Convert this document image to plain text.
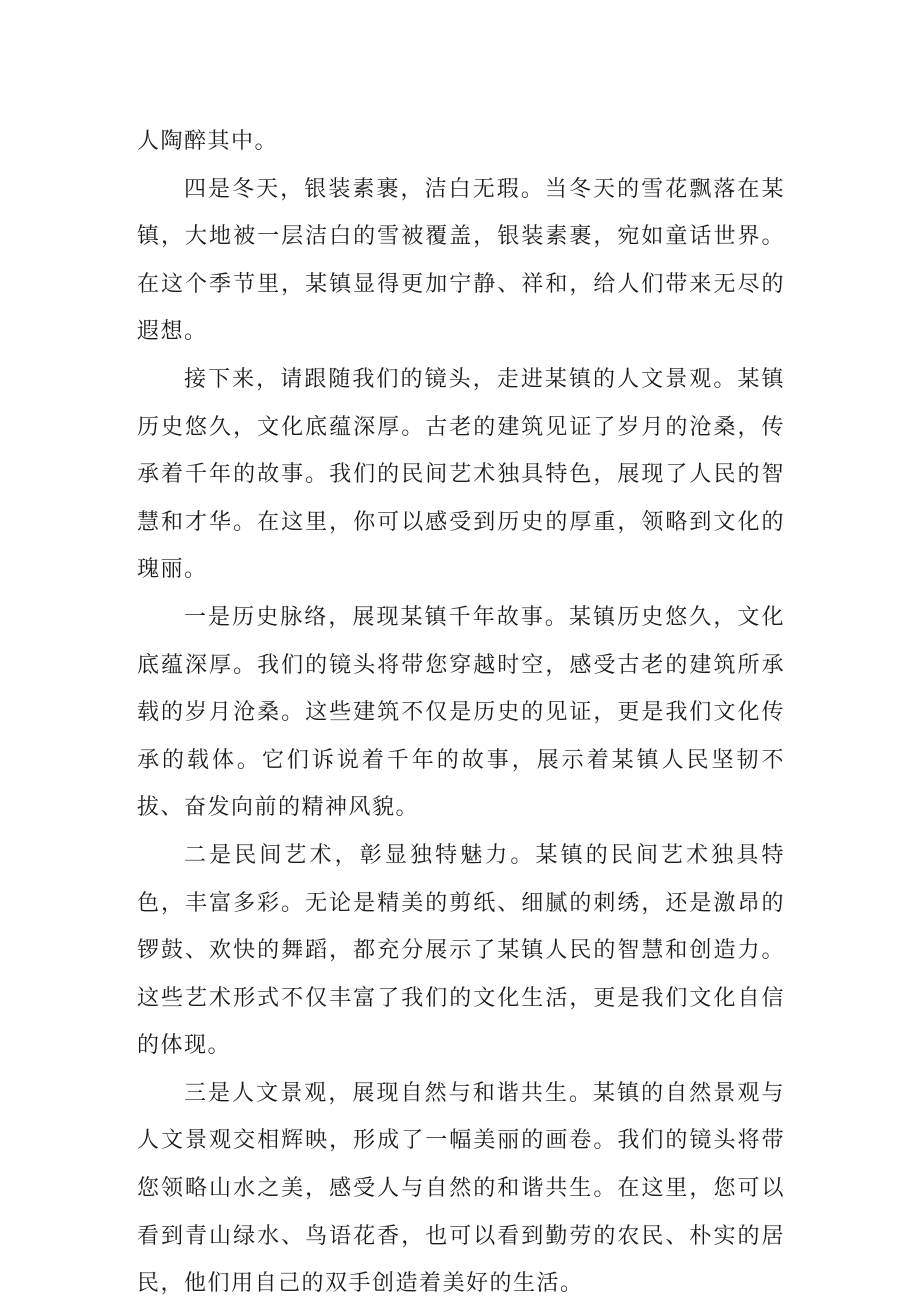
人陶醉其中。

四是冬天，银装素裹，洁白无瑕。当冬天的雪花飘落在某镇，大地被一层洁白的雪被覆盖，银装素裹，宛如童话世界。在这个季节里，某镇显得更加宁静、祥和，给人们带来无尽的遐想。

接下来，请跟随我们的镜头，走进某镇的人文景观。某镇历史悠久，文化底蕴深厚。古老的建筑见证了岁月的沧桑，传承着千年的故事。我们的民间艺术独具特色，展现了人民的智慧和才华。在这里，你可以感受到历史的厚重，领略到文化的瑰丽。

一是历史脉络，展现某镇千年故事。某镇历史悠久，文化底蕴深厚。我们的镜头将带您穿越时空，感受古老的建筑所承载的岁月沧桑。这些建筑不仅是历史的见证，更是我们文化传承的载体。它们诉说着千年的故事，展示着某镇人民坚韧不拔、奋发向前的精神风貌。

二是民间艺术，彰显独特魅力。某镇的民间艺术独具特色，丰富多彩。无论是精美的剪纸、细腻的刺绣，还是激昂的锣鼓、欢快的舞蹈，都充分展示了某镇人民的智慧和创造力。这些艺术形式不仅丰富了我们的文化生活，更是我们文化自信的体现。

三是人文景观，展现自然与和谐共生。某镇的自然景观与人文景观交相辉映，形成了一幅美丽的画卷。我们的镜头将带您领略山水之美，感受人与自然的和谐共生。在这里，您可以看到青山绿水、鸟语花香，也可以看到勤劳的农民、朴实的居民，他们用自己的双手创造着美好的生活。
